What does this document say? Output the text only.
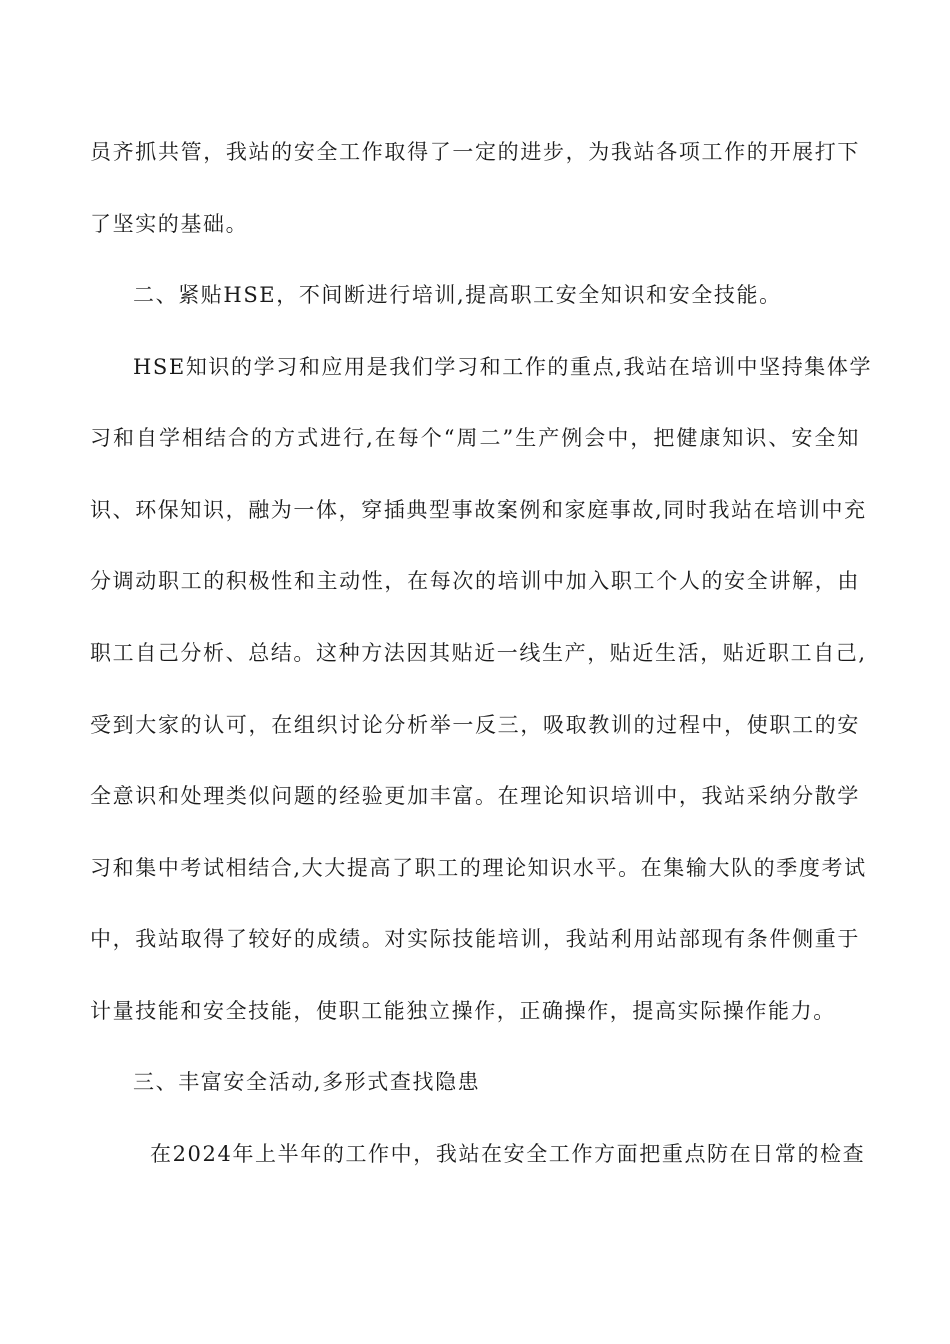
员齐抓共管，我站的安全工作取得了一定的进步，为我站各项工作的开展打下
了坚实的基础。
二、紧贴HSE，不间断进行培训,提高职工安全知识和安全技能。
HSE知识的学习和应用是我们学习和工作的重点,我站在培训中坚持集体学
习和自学相结合的方式进行,在每个“周二”生产例会中，把健康知识、安全知
识、环保知识，融为一体，穿插典型事故案例和家庭事故,同时我站在培训中充
分调动职工的积极性和主动性，在每次的培训中加入职工个人的安全讲解，由
职工自己分析、总结。这种方法因其贴近一线生产，贴近生活，贴近职工自己,
受到大家的认可，在组织讨论分析举一反三，吸取教训的过程中，使职工的安
全意识和处理类似问题的经验更加丰富。在理论知识培训中，我站采纳分散学
习和集中考试相结合,大大提高了职工的理论知识水平。在集输大队的季度考试
中，我站取得了较好的成绩。对实际技能培训，我站利用站部现有条件侧重于
计量技能和安全技能，使职工能独立操作，正确操作，提高实际操作能力。
三、丰富安全活动,多形式查找隐患
在2024年上半年的工作中，我站在安全工作方面把重点防在日常的检查
